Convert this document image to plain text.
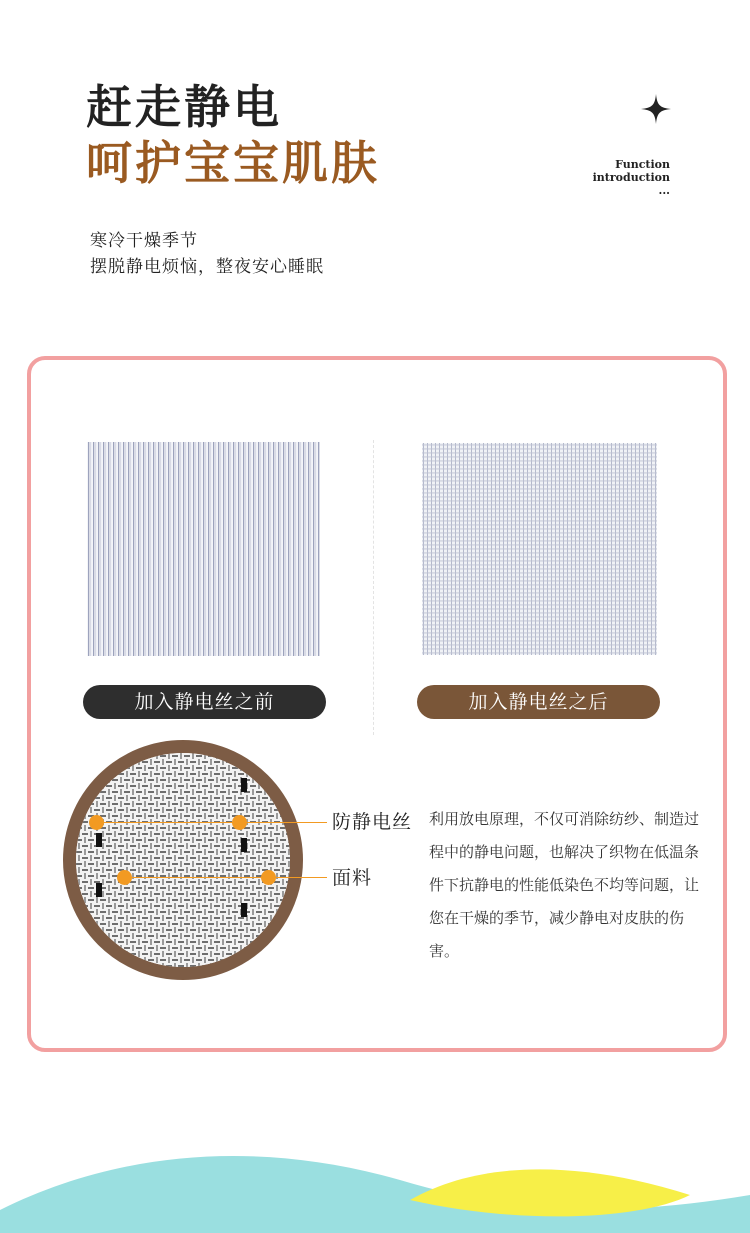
赶走静电
呵护宝宝肌肤	Function
introduction
...
寒冷干燥季节
摆脱静电烦恼，整夜安心睡眠
加入静电丝之前	加入静电丝之后
防静电丝
面料
利用放电原理，不仅可消除纺纱、制造过程中的静电问题，也解决了织物在低温条件下抗静电的性能低染色不均等问题，让您在干燥的季节，减少静电对皮肤的伤害。
